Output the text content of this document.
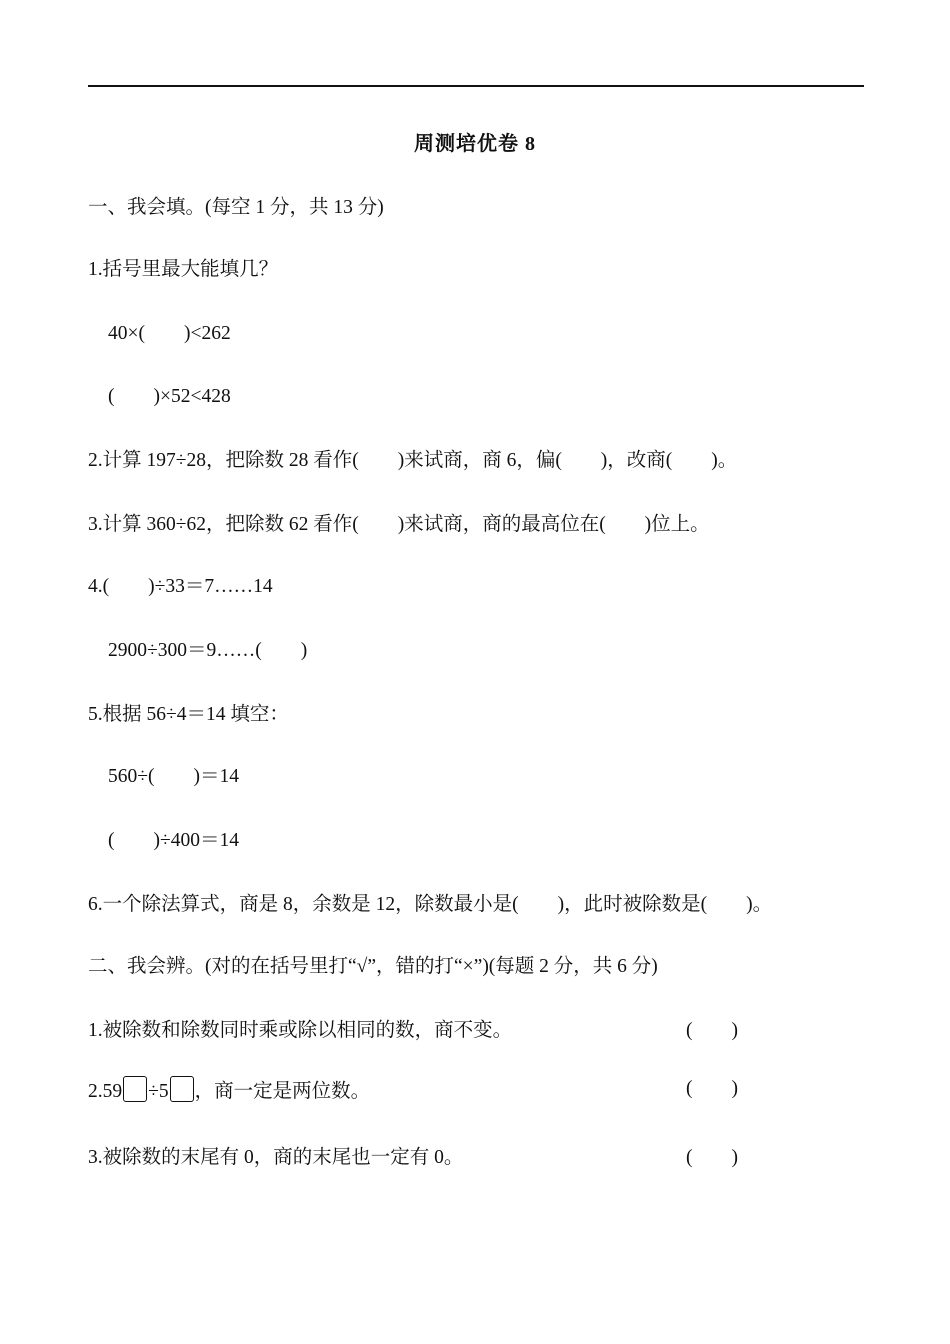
周测培优卷 8
一、我会填。(每空 1 分，共 13 分)
1.括号里最大能填几？
40×(　　)<262
(　　)×52<428
2.计算 197÷28，把除数 28 看作(　　)来试商，商 6，偏(　　)，改商(　　)。
3.计算 360÷62，把除数 62 看作(　　)来试商，商的最高位在(　　)位上。
4.(　　)÷33＝7……14
2900÷300＝9……(　　)
5.根据 56÷4＝14 填空：
560÷(　　)＝14
(　　)÷400＝14
6.一个除法算式，商是 8，余数是 12，除数最小是(　　)，此时被除数是(　　)。
二、我会辨。(对的在括号里打“√”，错的打“×”)(每题 2 分，共 6 分)
1.被除数和除数同时乘或除以相同的数，商不变。	(　　)
2.59 ÷5 ，商一定是两位数。	(　　)
3.被除数的末尾有 0，商的末尾也一定有 0。	(　　)
